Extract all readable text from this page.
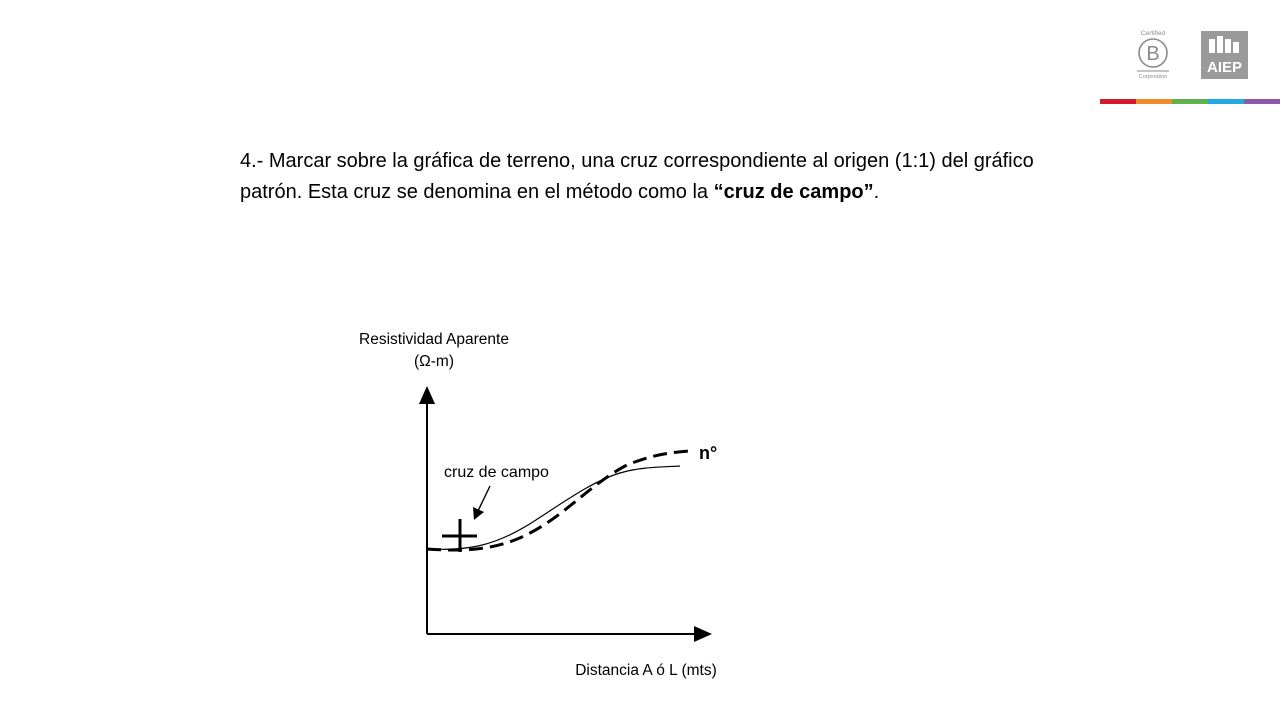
Certified
B
Corporation
AIEP

4.- Marcar sobre la gráfica de terreno, una cruz correspondiente al origen (1:1) del gráfico patrón. Esta cruz se denomina en el método como la “cruz de campo”.

Resistividad Aparente
(Ω-m)
Distancia A ó L (mts)
n°
cruz de campo
